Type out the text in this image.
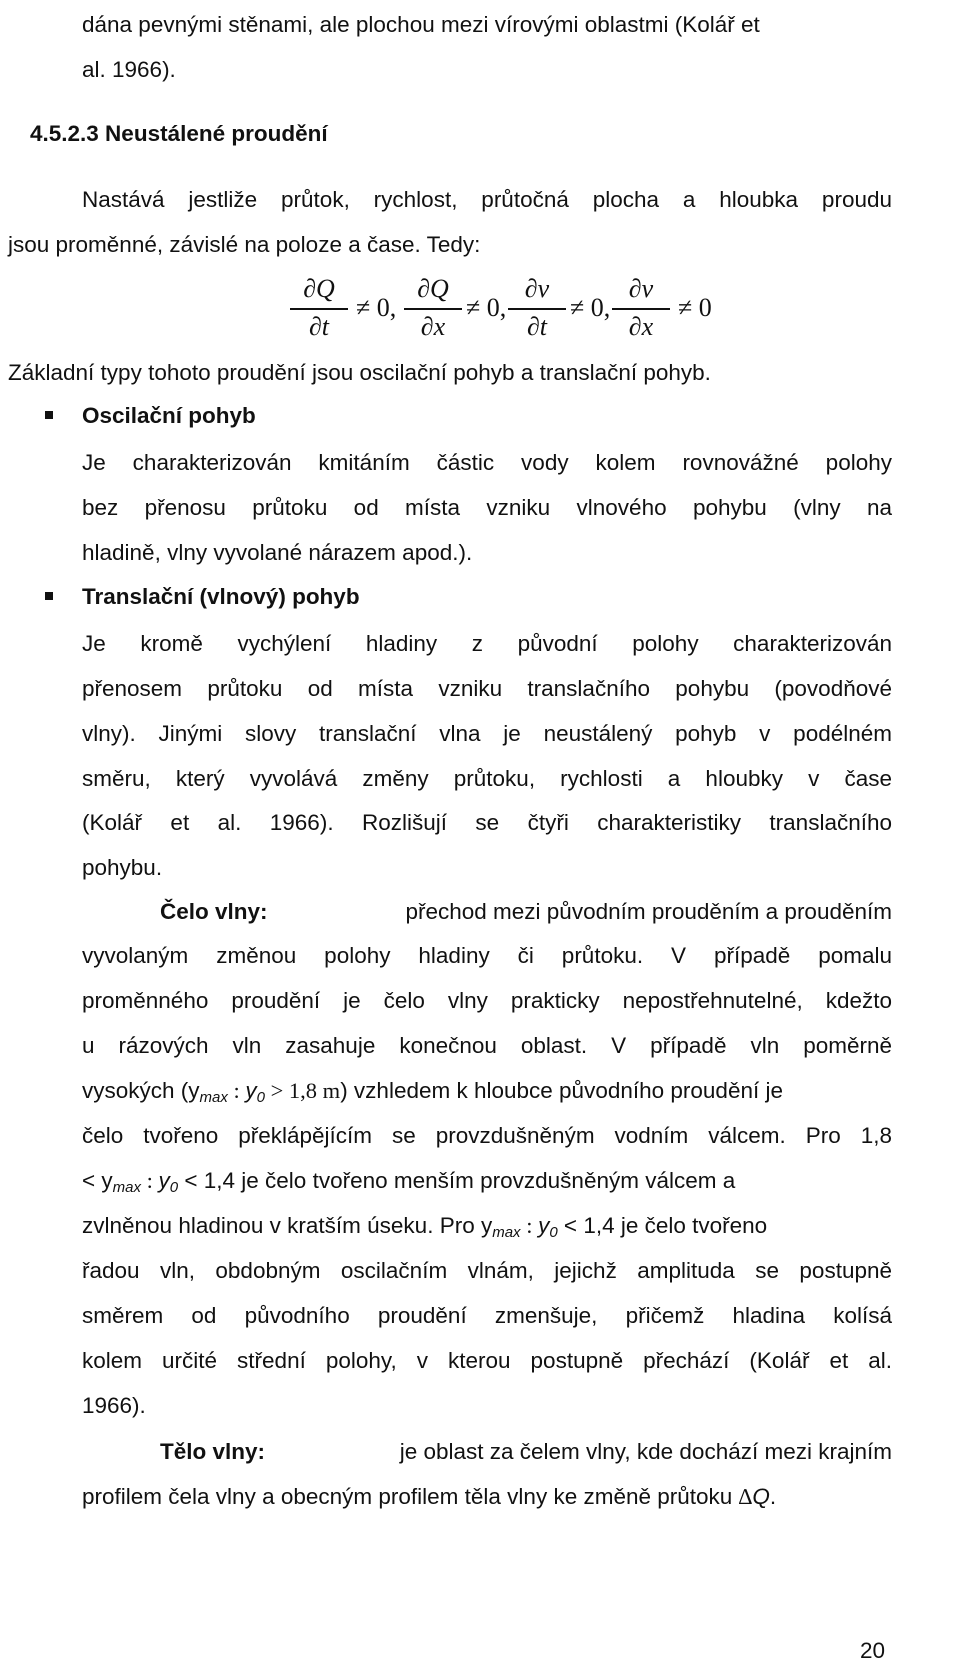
dána pevnými stěnami, ale plochou mezi vírovými oblastmi (Kolář et
al. 1966).
4.5.2.3 Neustálené proudění
Nastává jestliže průtok, rychlost, průtočná plocha a hloubka proudu
jsou proměnné, závislé na poloze a čase. Tedy:
∂Q
∂t
≠ 0,
∂Q
∂x
≠ 0,
∂v
∂t
≠ 0,
∂v
∂x
≠ 0
Základní typy tohoto proudění jsou oscilační pohyb a translační pohyb.
Oscilační pohyb
Je charakterizován kmitáním částic vody kolem rovnovážné polohy
bez přenosu průtoku od místa vzniku vlnového pohybu (vlny na
hladině, vlny vyvolané nárazem apod.).
Translační (vlnový) pohyb
Je kromě vychýlení hladiny z původní polohy charakterizován
přenosem průtoku od místa vzniku translačního pohybu (povodňové
vlny). Jinými slovy translační vlna je neustálený pohyb v podélném
směru, který vyvolává změny průtoku, rychlosti a hloubky v čase
(Kolář et al. 1966). Rozlišují se čtyři charakteristiky translačního
pohybu.
Čelo vlny:	přechod mezi původním prouděním a prouděním
vyvolaným změnou polohy hladiny či průtoku. V případě pomalu
proměnného proudění je čelo vlny prakticky nepostřehnutelné, kdežto
u rázových vln zasahuje konečnou oblast. V případě vln poměrně
vysokých ($y_{max}$ : $y_0 > 1,8$ m) vzhledem k hloubce původního proudění je
čelo tvořeno překlápějícím se provzdušněným vodním válcem. Pro 1,8
< $y_{max}$ : $y_0 < 1,4$ je čelo tvořeno menším provzdušněným válcem a
zvlněnou hladinou v kratším úseku. Pro $y_{max}$ : $y_0 < 1,4$ je čelo tvořeno
řadou vln, obdobným oscilačním vlnám, jejichž amplituda se postupně
směrem od původního proudění zmenšuje, přičemž hladina kolísá
kolem určité střední polohy, v kterou postupně přechází (Kolář et al.
1966).
Tělo vlny:	je oblast za čelem vlny, kde dochází mezi krajním
profilem čela vlny a obecným profilem těla vlny ke změně průtoku ∆Q.
20
